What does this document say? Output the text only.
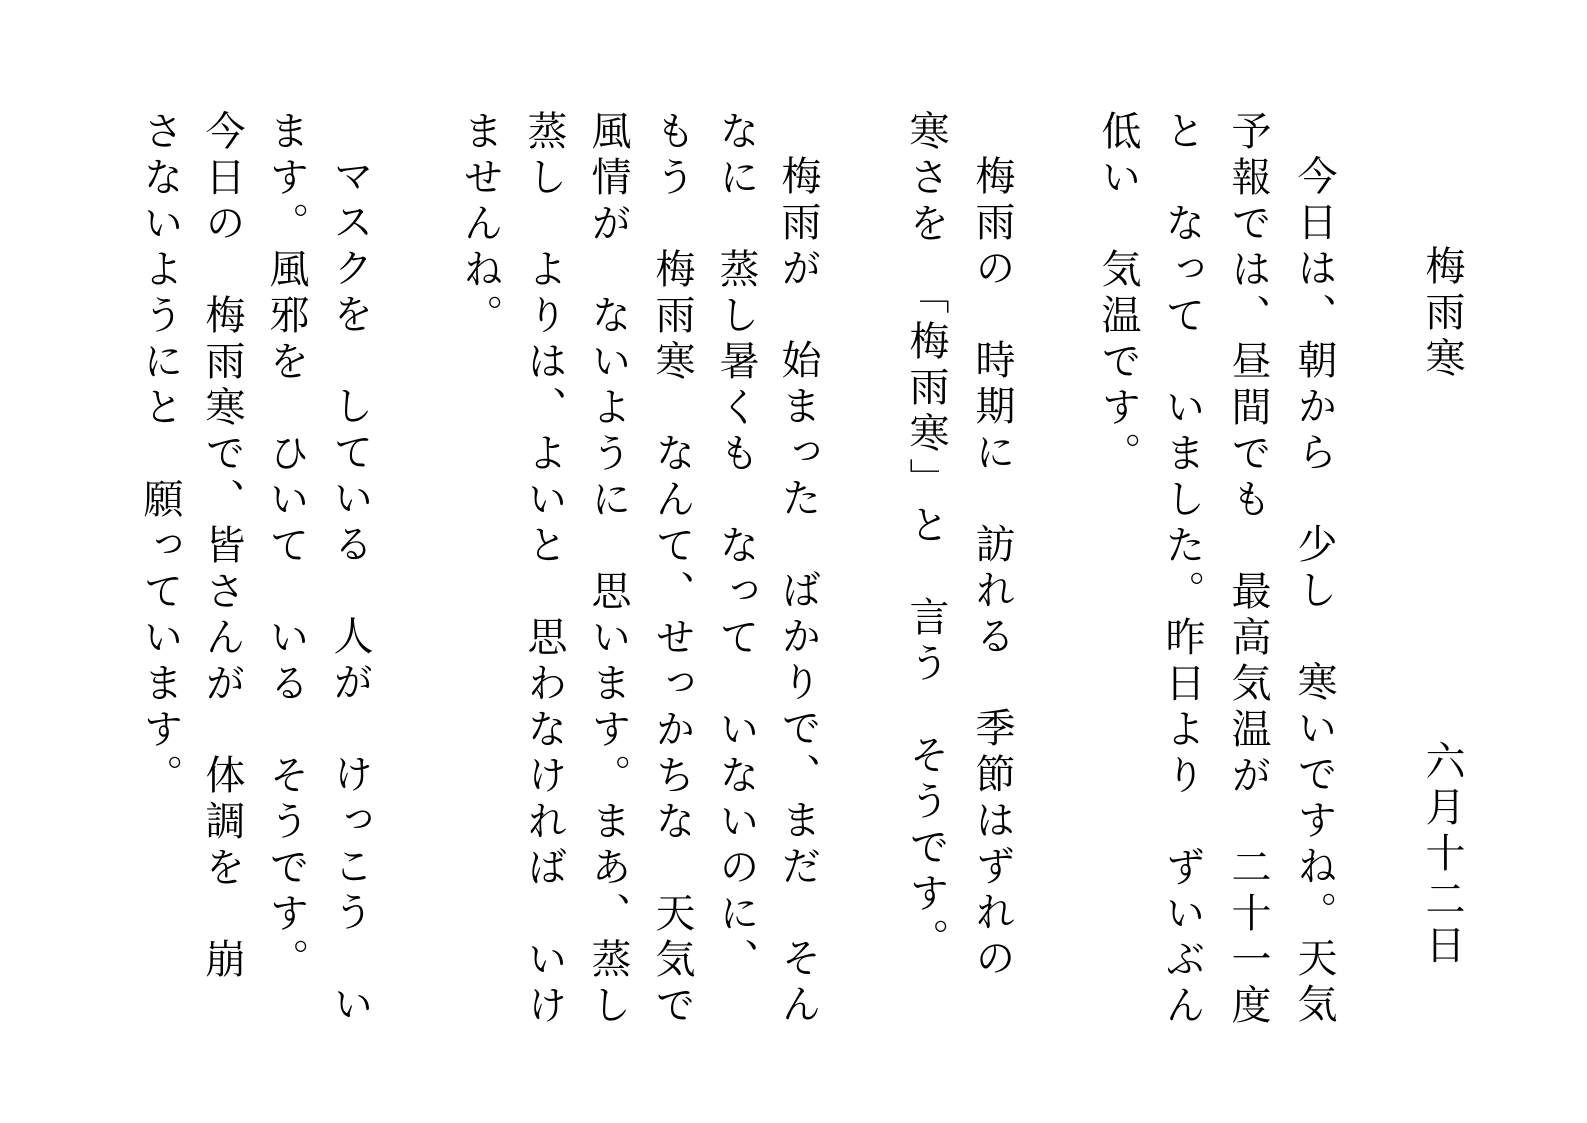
梅雨寒
六月十二日
今日は、朝から　少し　寒いですね。天気
予報では、昼間でも　最高気温が　二十一度
と　なって　いました。昨日より　ずいぶん
低い　気温です。
梅雨の　時期に　訪れる　季節はずれの
寒さを　「梅雨寒」と　言う　そうです。
梅雨が　始まった　ばかりで、まだ　そん
なに　蒸し暑くも　なって　いないのに、
もう　梅雨寒　なんて、せっかちな　天気で
風情が　ないように　思います。まあ、蒸し
蒸し　よりは、よいと　思わなければ　いけ
ませんね。
マスクを　している　人が　けっこう　い
ます。風邪を　ひいて　いる　そうです。
今日の　梅雨寒で、皆さんが　体調を　崩
さないようにと　願っています。
